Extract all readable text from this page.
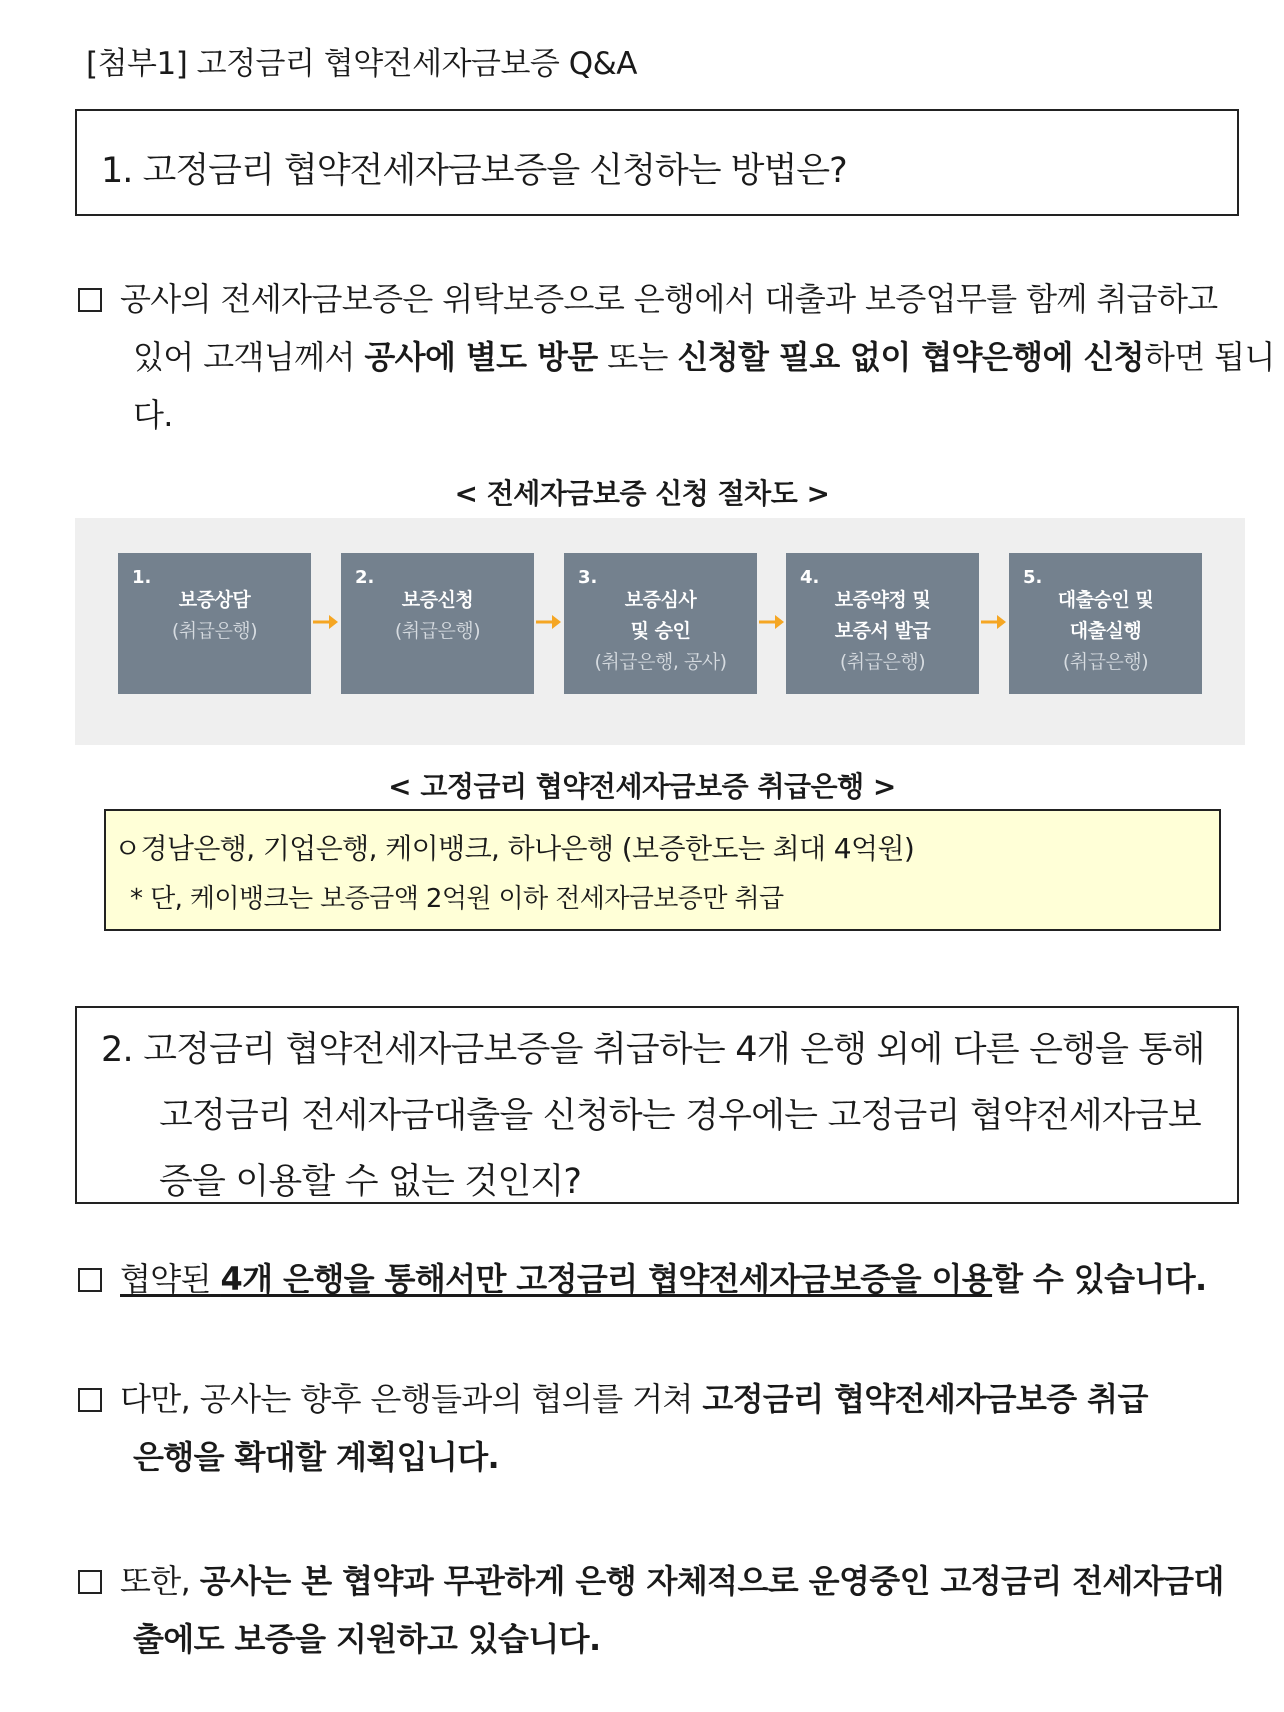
[첨부1] 고정금리 협약전세자금보증 Q&A
1. 고정금리 협약전세자금보증을 신청하는 방법은?
공사의 전세자금보증은 위탁보증으로 은행에서 대출과 보증업무를 함께 취급하고
있어 고객님께서 공사에 별도 방문 또는 신청할 필요 없이 협약은행에 신청하면 됩니
다.
< 전세자금보증 신청 절차도 >
1.
보증상담
(취급은행)
2.
보증신청
(취급은행)
3.
보증심사
및 승인
(취급은행, 공사)
4.
보증약정 및
보증서 발급
(취급은행)
5.
대출승인 및
대출실행
(취급은행)
< 고정금리 협약전세자금보증 취급은행 >
ㅇ경남은행, 기업은행, 케이뱅크, 하나은행 (보증한도는 최대 4억원)
* 단, 케이뱅크는 보증금액 2억원 이하 전세자금보증만 취급
2. 고정금리 협약전세자금보증을 취급하는 4개 은행 외에 다른 은행을 통해
고정금리 전세자금대출을 신청하는 경우에는 고정금리 협약전세자금보
증을 이용할 수 없는 것인지?
협약된 4개 은행을 통해서만 고정금리 협약전세자금보증을 이용할 수 있습니다.
다만, 공사는 향후 은행들과의 협의를 거쳐 고정금리 협약전세자금보증 취급
은행을 확대할 계획입니다.
또한, 공사는 본 협약과 무관하게 은행 자체적으로 운영중인 고정금리 전세자금대
출에도 보증을 지원하고 있습니다.
